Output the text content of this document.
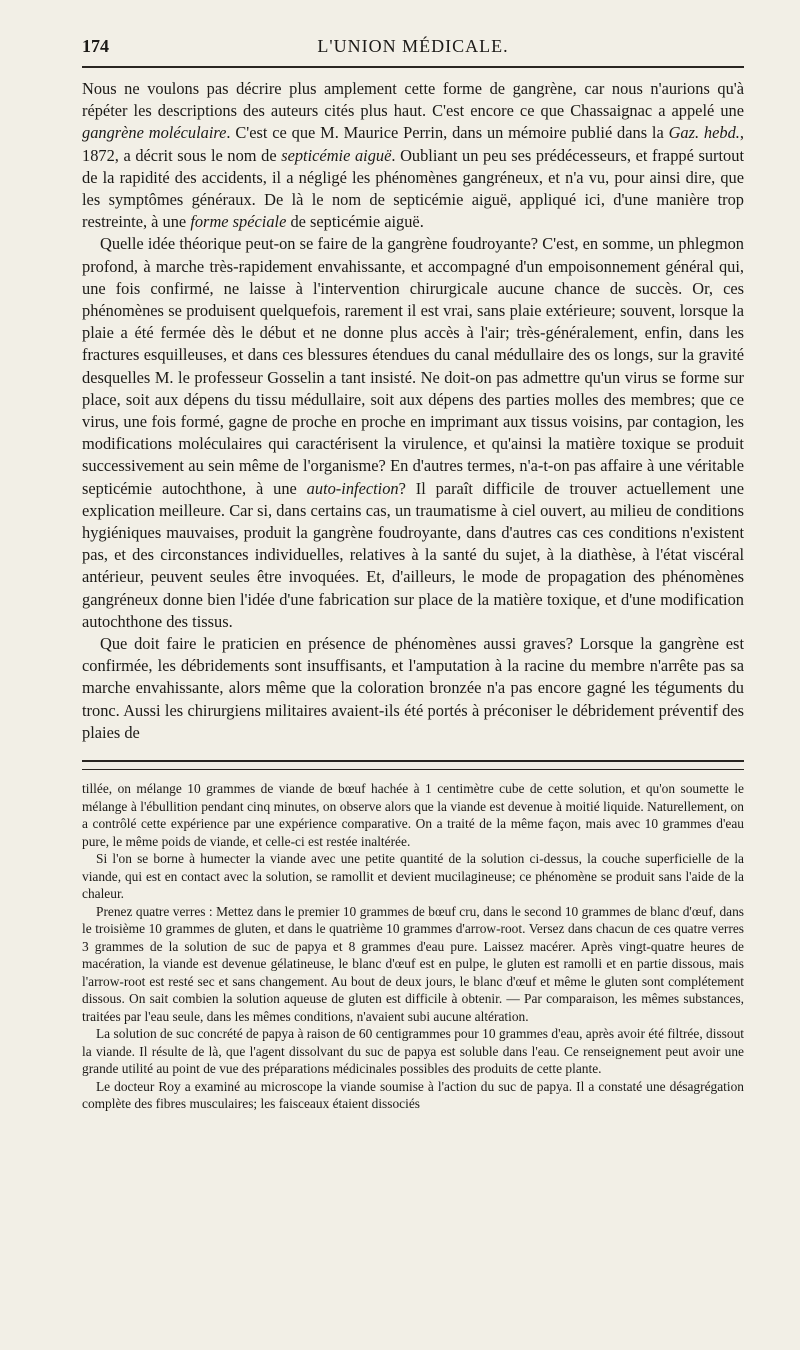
174	L'UNION MÉDICALE.

Nous ne voulons pas décrire plus amplement cette forme de gangrène, car nous n'aurions qu'à répéter les descriptions des auteurs cités plus haut. C'est encore ce que Chassaignac a appelé une gangrène moléculaire. C'est ce que M. Maurice Perrin, dans un mémoire publié dans la Gaz. hebd., 1872, a décrit sous le nom de septicémie aiguë. Oubliant un peu ses prédécesseurs, et frappé surtout de la rapidité des accidents, il a négligé les phénomènes gangréneux, et n'a vu, pour ainsi dire, que les symptômes généraux. De là le nom de septicémie aiguë, appliqué ici, d'une manière trop restreinte, à une forme spéciale de septicémie aiguë.

Quelle idée théorique peut-on se faire de la gangrène foudroyante? C'est, en somme, un phlegmon profond, à marche très-rapidement envahissante, et accompagné d'un empoisonnement général qui, une fois confirmé, ne laisse à l'intervention chirurgicale aucune chance de succès. Or, ces phénomènes se produisent quelquefois, rarement il est vrai, sans plaie extérieure; souvent, lorsque la plaie a été fermée dès le début et ne donne plus accès à l'air; très-généralement, enfin, dans les fractures esquilleuses, et dans ces blessures étendues du canal médullaire des os longs, sur la gravité desquelles M. le professeur Gosselin a tant insisté. Ne doit-on pas admettre qu'un virus se forme sur place, soit aux dépens du tissu médullaire, soit aux dépens des parties molles des membres; que ce virus, une fois formé, gagne de proche en proche en imprimant aux tissus voisins, par contagion, les modifications moléculaires qui caractérisent la virulence, et qu'ainsi la matière toxique se produit successivement au sein même de l'organisme? En d'autres termes, n'a-t-on pas affaire à une véritable septicémie autochthone, à une auto-infection? Il paraît difficile de trouver actuellement une explication meilleure. Car si, dans certains cas, un traumatisme à ciel ouvert, au milieu de conditions hygiéniques mauvaises, produit la gangrène foudroyante, dans d'autres cas ces conditions n'existent pas, et des circonstances individuelles, relatives à la santé du sujet, à la diathèse, à l'état viscéral antérieur, peuvent seules être invoquées. Et, d'ailleurs, le mode de propagation des phénomènes gangréneux donne bien l'idée d'une fabrication sur place de la matière toxique, et d'une modification autochthone des tissus.

Que doit faire le praticien en présence de phénomènes aussi graves? Lorsque la gangrène est confirmée, les débridements sont insuffisants, et l'amputation à la racine du membre n'arrête pas sa marche envahissante, alors même que la coloration bronzée n'a pas encore gagné les téguments du tronc. Aussi les chirurgiens militaires avaient-ils été portés à préconiser le débridement préventif des plaies de

tillée, on mélange 10 grammes de viande de bœuf hachée à 1 centimètre cube de cette solution, et qu'on soumette le mélange à l'ébullition pendant cinq minutes, on observe alors que la viande est devenue à moitié liquide. Naturellement, on a contrôlé cette expérience par une expérience comparative. On a traité de la même façon, mais avec 10 grammes d'eau pure, le même poids de viande, et celle-ci est restée inaltérée.

Si l'on se borne à humecter la viande avec une petite quantité de la solution ci-dessus, la couche superficielle de la viande, qui est en contact avec la solution, se ramollit et devient mucilagineuse; ce phénomène se produit sans l'aide de la chaleur.

Prenez quatre verres : Mettez dans le premier 10 grammes de bœuf cru, dans le second 10 grammes de blanc d'œuf, dans le troisième 10 grammes de gluten, et dans le quatrième 10 grammes d'arrow-root. Versez dans chacun de ces quatre verres 3 grammes de la solution de suc de papya et 8 grammes d'eau pure. Laissez macérer. Après vingt-quatre heures de macération, la viande est devenue gélatineuse, le blanc d'œuf est en pulpe, le gluten est ramolli et en partie dissous, mais l'arrow-root est resté sec et sans changement. Au bout de deux jours, le blanc d'œuf et même le gluten sont complétement dissous. On sait combien la solution aqueuse de gluten est difficile à obtenir. — Par comparaison, les mêmes substances, traitées par l'eau seule, dans les mêmes conditions, n'avaient subi aucune altération.

La solution de suc concrété de papya à raison de 60 centigrammes pour 10 grammes d'eau, après avoir été filtrée, dissout la viande. Il résulte de là, que l'agent dissolvant du suc de papya est soluble dans l'eau. Ce renseignement peut avoir une grande utilité au point de vue des préparations médicinales possibles des produits de cette plante.

Le docteur Roy a examiné au microscope la viande soumise à l'action du suc de papya. Il a constaté une désagrégation complète des fibres musculaires; les faisceaux étaient dissociés
